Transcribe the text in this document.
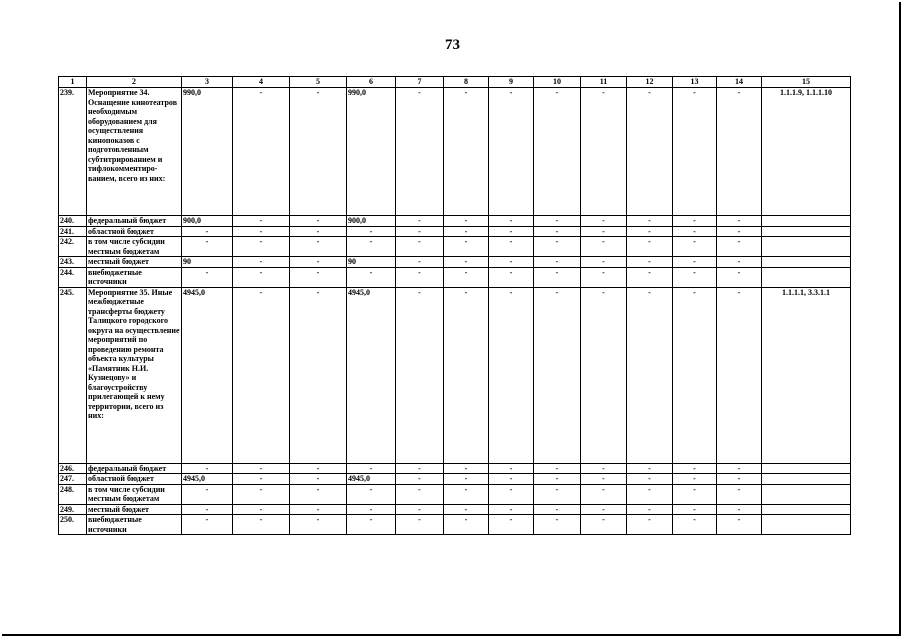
73
1	2	3	4	5	6	7	8	9	10	11	12	13	14	15
239.	Мероприятие 34. Оснащение кинотеатров необходимым оборудованием для осуществления кинопоказов с подготовленным субтитрированием и тифлокомментиро-ванием, всего из них:	990,0	-	-	990,0	-	-	-	-	-	-	-	-	1.1.1.9, 1.1.1.10
240.	федеральный бюджет	900,0	-	-	900,0	-	-	-	-	-	-	-	-	
241.	областной бюджет	-	-	-	-	-	-	-	-	-	-	-	-	
242.	в том числе субсидии местным бюджетам	-	-	-	-	-	-	-	-	-	-	-	-	
243.	местный бюджет	90	-	-	90	-	-	-	-	-	-	-	-	
244.	внебюджетные источники	-	-	-	-	-	-	-	-	-	-	-	-	
245.	Мероприятие 35. Иные межбюджетные трансферты бюджету Талицкого городского округа на осуществление мероприятий по проведению ремонта объекта культуры «Памятник Н.И. Кузнецову» и благоустройству прилегающей к нему территории, всего из них:	4945,0	-	-	4945,0	-	-	-	-	-	-	-	-	1.1.1.1, 3.3.1.1
246.	федеральный бюджет	-	-	-	-	-	-	-	-	-	-	-	-	
247.	областной бюджет	4945,0	-	-	4945,0	-	-	-	-	-	-	-	-	
248.	в том числе субсидии местным бюджетам	-	-	-	-	-	-	-	-	-	-	-	-	
249.	местный бюджет	-	-	-	-	-	-	-	-	-	-	-	-	
250.	внебюджетные источники	-	-	-	-	-	-	-	-	-	-	-	-	
